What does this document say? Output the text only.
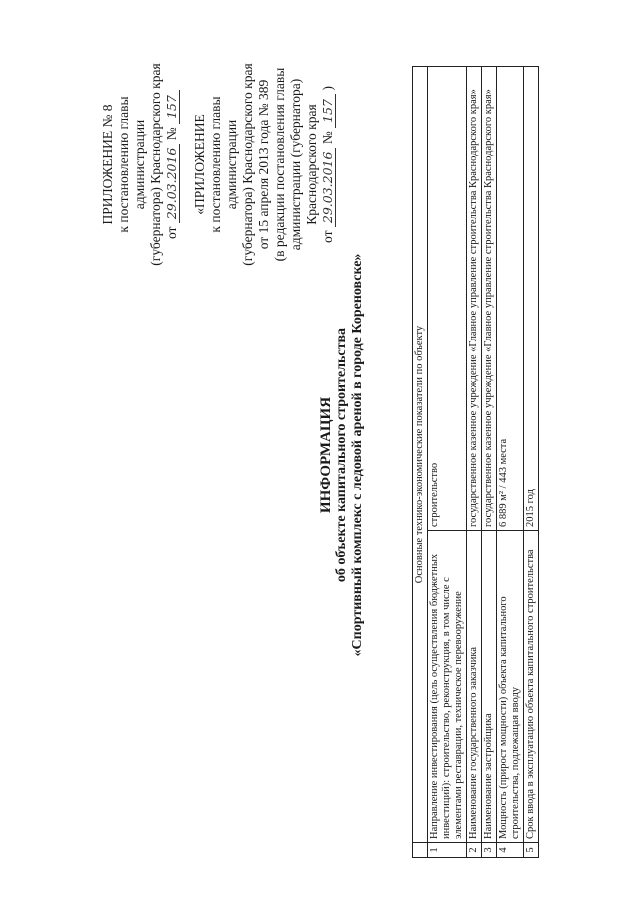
ПРИЛОЖЕНИЕ № 8 к постановлению главы администрации (губернатора) Краснодарского края от 29.03.2016 № 157
«ПРИЛОЖЕНИЕ к постановлению главы администрации (губернатора) Краснодарского края от 15 апреля 2013 года № 389 (в редакции постановления главы администрации (губернатора) Краснодарского края
от 29.03.2016 № 157 )
ИНФОРМАЦИЯ об объекте капитального строительства «Спортивный комплекс с ледовой ареной в городе Кореновске»
		Основные технико-экономические показатели по объекту	
1	Направление инвестирования (цель осуществления бюджетных инвестиций): строительство, реконструкция, в том числе с элементами реставрации, техническое перевооружение	строительство
2	Наименование государственного заказчика	государственное казенное учреждение «Главное управление строительства Краснодарского края»
3	Наименование застройщика	государственное казенное учреждение «Главное управление строительства Краснодарского края»
4	Мощность (прирост мощности) объекта капитального строительства, подлежащая вводу	6 889 м² / 443 места
5	Срок ввода в эксплуатацию объекта капитального строительства	2015 год
